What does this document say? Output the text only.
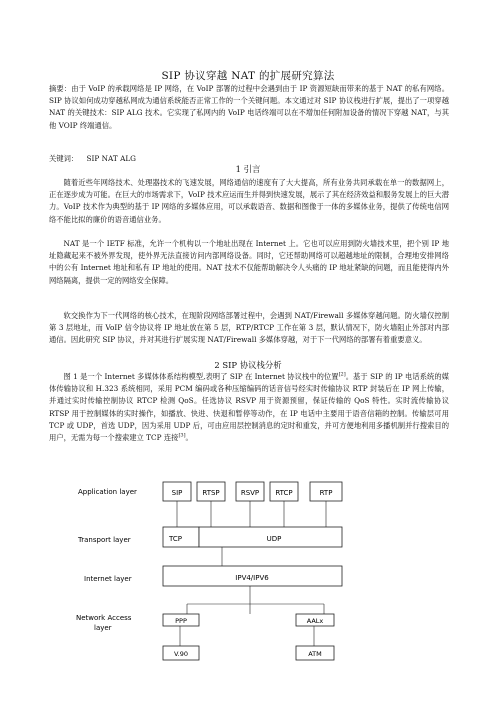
SIP 协议穿越 NAT 的扩展研究算法

摘要：由于 VoIP 的承载网络是 IP 网络，在 VoIP 部署的过程中会遇到由于 IP 资源短缺而带来的基于 NAT 的私有网络。SIP 协议如何成功穿越私网成为通信系统能否正常工作的一个关键问题。本文通过对 SIP 协议栈进行扩展，提出了一项穿越 NAT 的关键技术：SIP ALG 技术。它实现了私网内的 VoIP 电话终端可以在不增加任何附加设备的情况下穿越 NAT，与其他 VOIP 终端通信。

关键词： SIP NAT ALG
1 引言

随着近些年网络技术、处理器技术的飞速发展，网络通信的速度有了大大提高，所有业务共同承载在单一的数据网上，正在逐步成为可能。在巨大的市场需求下，VoIP 技术应运而生并得到快速发展，展示了其在经济效益和服务发展上的巨大潜力。VoIP 技术作为典型的基于 IP 网络的多媒体应用，可以承载语音、数据和图像于一体的多媒体业务，提供了传统电信网络不能比拟的廉价的语音通信业务。

NAT 是一个 IETF 标准，允许一个机构以一个地址出现在 Internet 上。它也可以应用到防火墙技术里，把个别 IP 地址隐藏起来不被外界发现，使外界无法直接访问内部网络设备。同时，它还帮助网络可以超越地址的限制，合理地安排网络中的公有 Internet 地址和私有 IP 地址的使用。NAT 技术不仅能帮助解决令人头痛的 IP 地址紧缺的问题，而且能使得内外网络隔离，提供一定的网络安全保障。

软交换作为下一代网络的核心技术，在现阶段网络部署过程中，会遇到 NAT/Firewall 多媒体穿越问题。防火墙仅控制第 3 层地址，而 VoIP 信令协议将 IP 地址放在第 5 层，RTP/RTCP 工作在第 3 层，默认情况下，防火墙阻止外部对内部通信。因此研究 SIP 协议，并对其进行扩展实现 NAT/Firewall 多媒体穿越，对于下一代网络的部署有着重要意义。

2 SIP 协议栈分析

图 1 是一个 Internet 多媒体体系结构模型,表明了 SIP 在 Internet 协议栈中的位置[2]。基于 SIP 的 IP 电话系统的媒体传输协议和 H.323 系统相同，采用 PCM 编码或各种压缩编码的话音信号经实时传输协议 RTP 封装后在 IP 网上传输，并通过实时传输控制协议 RTCP 检测 QoS。任选协议 RSVP 用于资源预留，保证传输的 QoS 特性。实时流传输协议 RTSP 用于控制媒体的实时操作，如播放、快进、快退和暂停等动作，在 IP 电话中主要用于语音信箱的控制。传输层可用 TCP 或 UDP，首选 UDP，因为采用 UDP 后，可由应用层控制消息的定时和重发，并可方便地利用多播机制并行搜索目的用户，无需为每一个搜索建立 TCP 连接[3]。

Application layer
Transport layer
Internet layer
Network Access layer
SIP	RTSP	RSVP RTCP	RTP
TCP	UDP
IPV4/IPV6
PPP	AALx
V.90	ATM
